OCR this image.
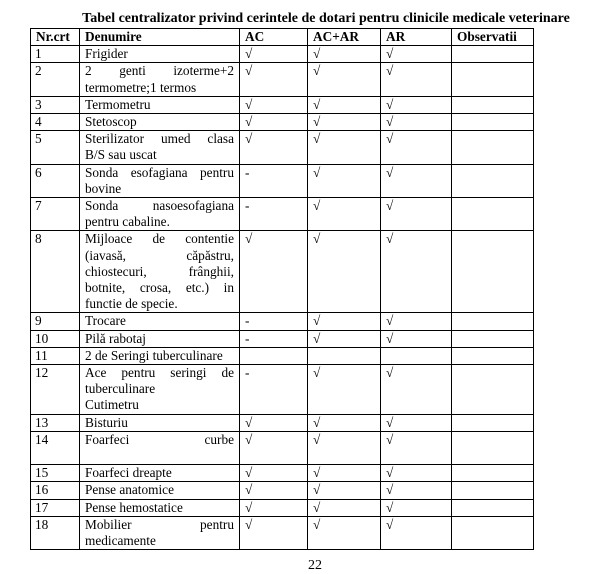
Tabel centralizator privind cerintele de dotari pentru clinicile medicale veterinare
Nr.crt	Denumire	AC	AC+AR	AR	Observatii
1	Frigider	√	√	√	
2	2 genti izoterme+2
termometre;1 termos	√	√	√	
3	Termometru	√	√	√	
4	Stetoscop	√	√	√	
5	Sterilizator umed clasa
B/S sau uscat	√	√	√	
6	Sonda esofagiana pentru
bovine	-	√	√	
7	Sonda nasoesofagiana
pentru cabaline.	-	√	√	
8	Mijloace de contentie
(iavasă, căpăstru,
chiostecuri, frânghii,
botnite, crosa, etc.) in
functie de specie.	√	√	√	
9	Trocare	-	√	√	
10	Pilă rabotaj	-	√	√	
11	2 de Seringi tuberculinare				

12	Ace pentru seringi de
tuberculinare
Cutimetru	-	√	√	
13	Bisturiu	√	√	√	
14	Foarfeci curbe	√	√	√	
15	Foarfeci dreapte	√	√	√	
16	Pense anatomice	√	√	√	
17	Pense hemostatice	√	√	√	
18	Mobilier pentru
medicamente	√	√	√	
22
